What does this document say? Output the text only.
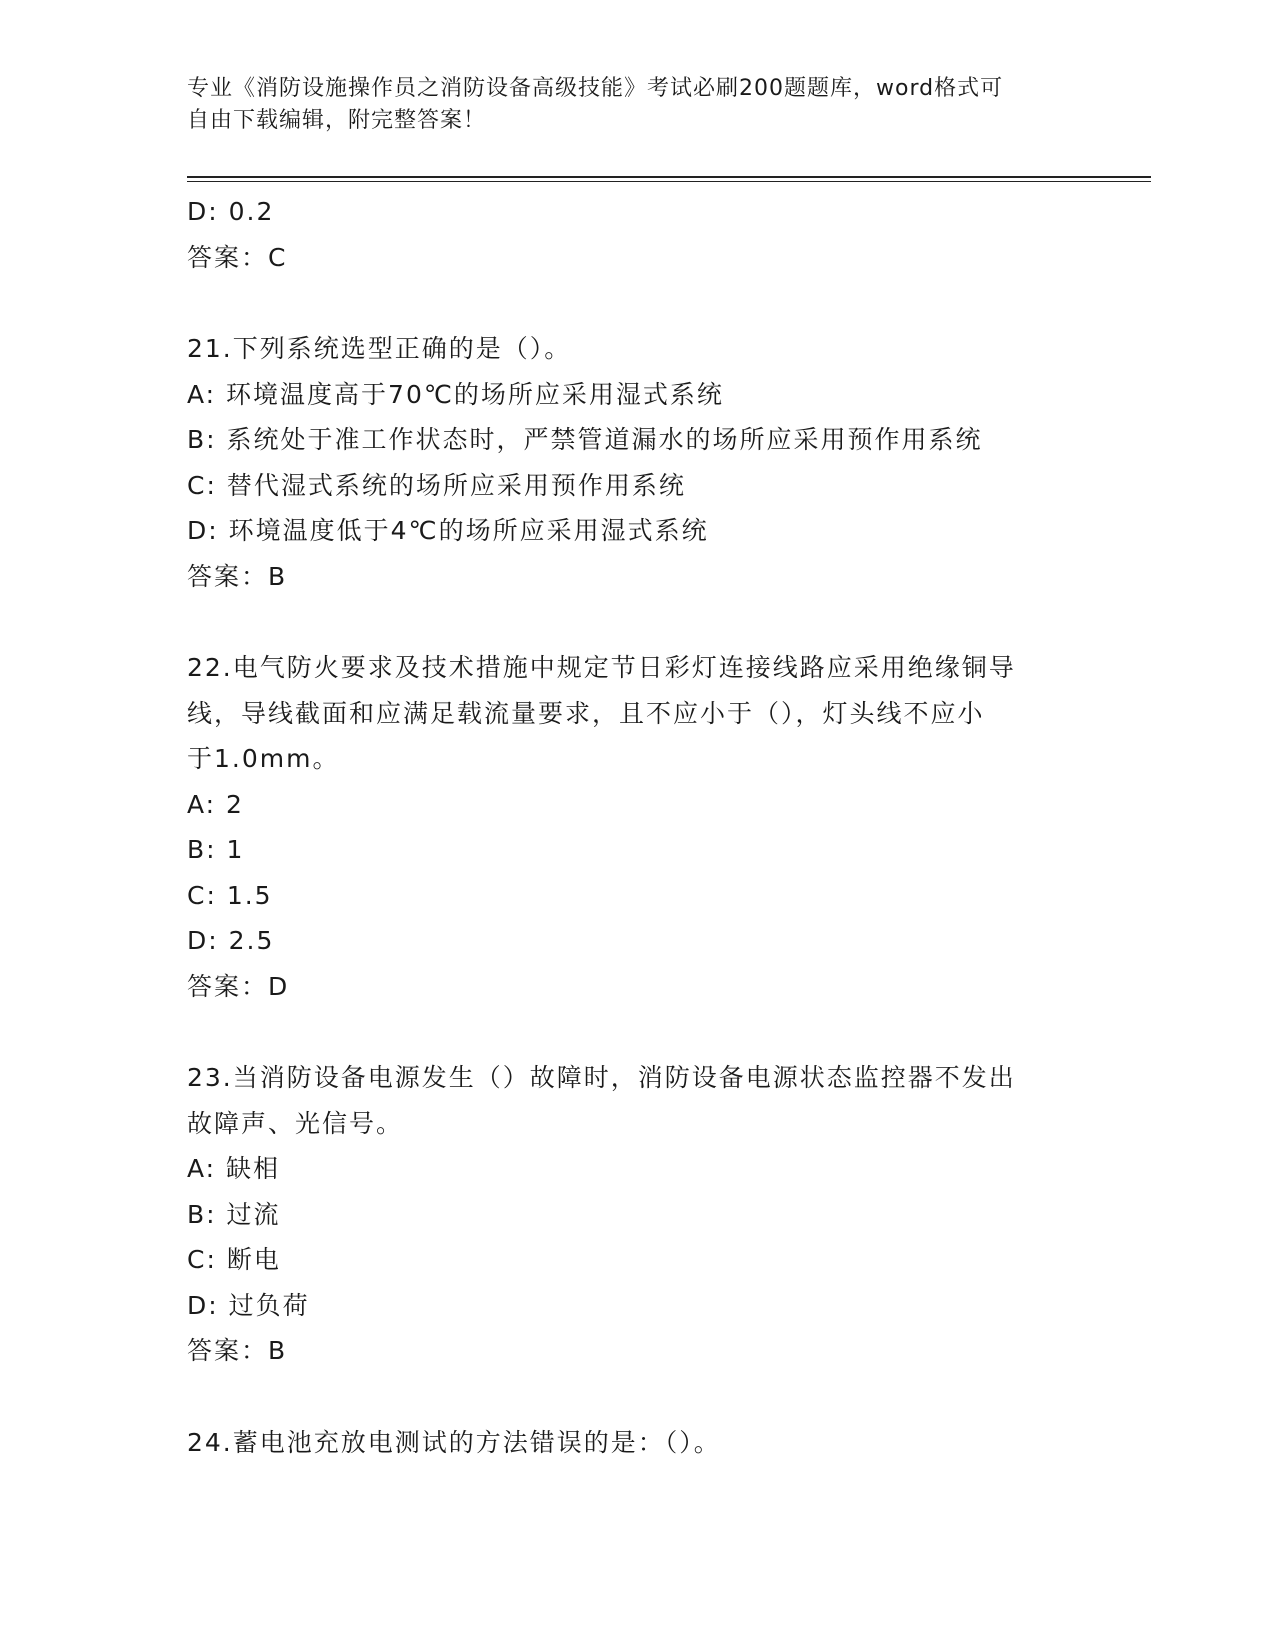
专业《消防设施操作员之消防设备高级技能》考试必刷200题题库，word格式可
自由下载编辑，附完整答案！
D: 0.2
答案：C
21.下列系统选型正确的是（）。
A: 环境温度高于70℃的场所应采用湿式系统
B: 系统处于准工作状态时，严禁管道漏水的场所应采用预作用系统
C: 替代湿式系统的场所应采用预作用系统
D: 环境温度低于4℃的场所应采用湿式系统
答案：B
22.电气防火要求及技术措施中规定节日彩灯连接线路应采用绝缘铜导
线，导线截面和应满足载流量要求，且不应小于（），灯头线不应小
于1.0mm。
A: 2
B: 1
C: 1.5
D: 2.5
答案：D
23.当消防设备电源发生（）故障时，消防设备电源状态监控器不发出
故障声、光信号。
A: 缺相
B: 过流
C: 断电
D: 过负荷
答案：B
24.蓄电池充放电测试的方法错误的是：（）。
